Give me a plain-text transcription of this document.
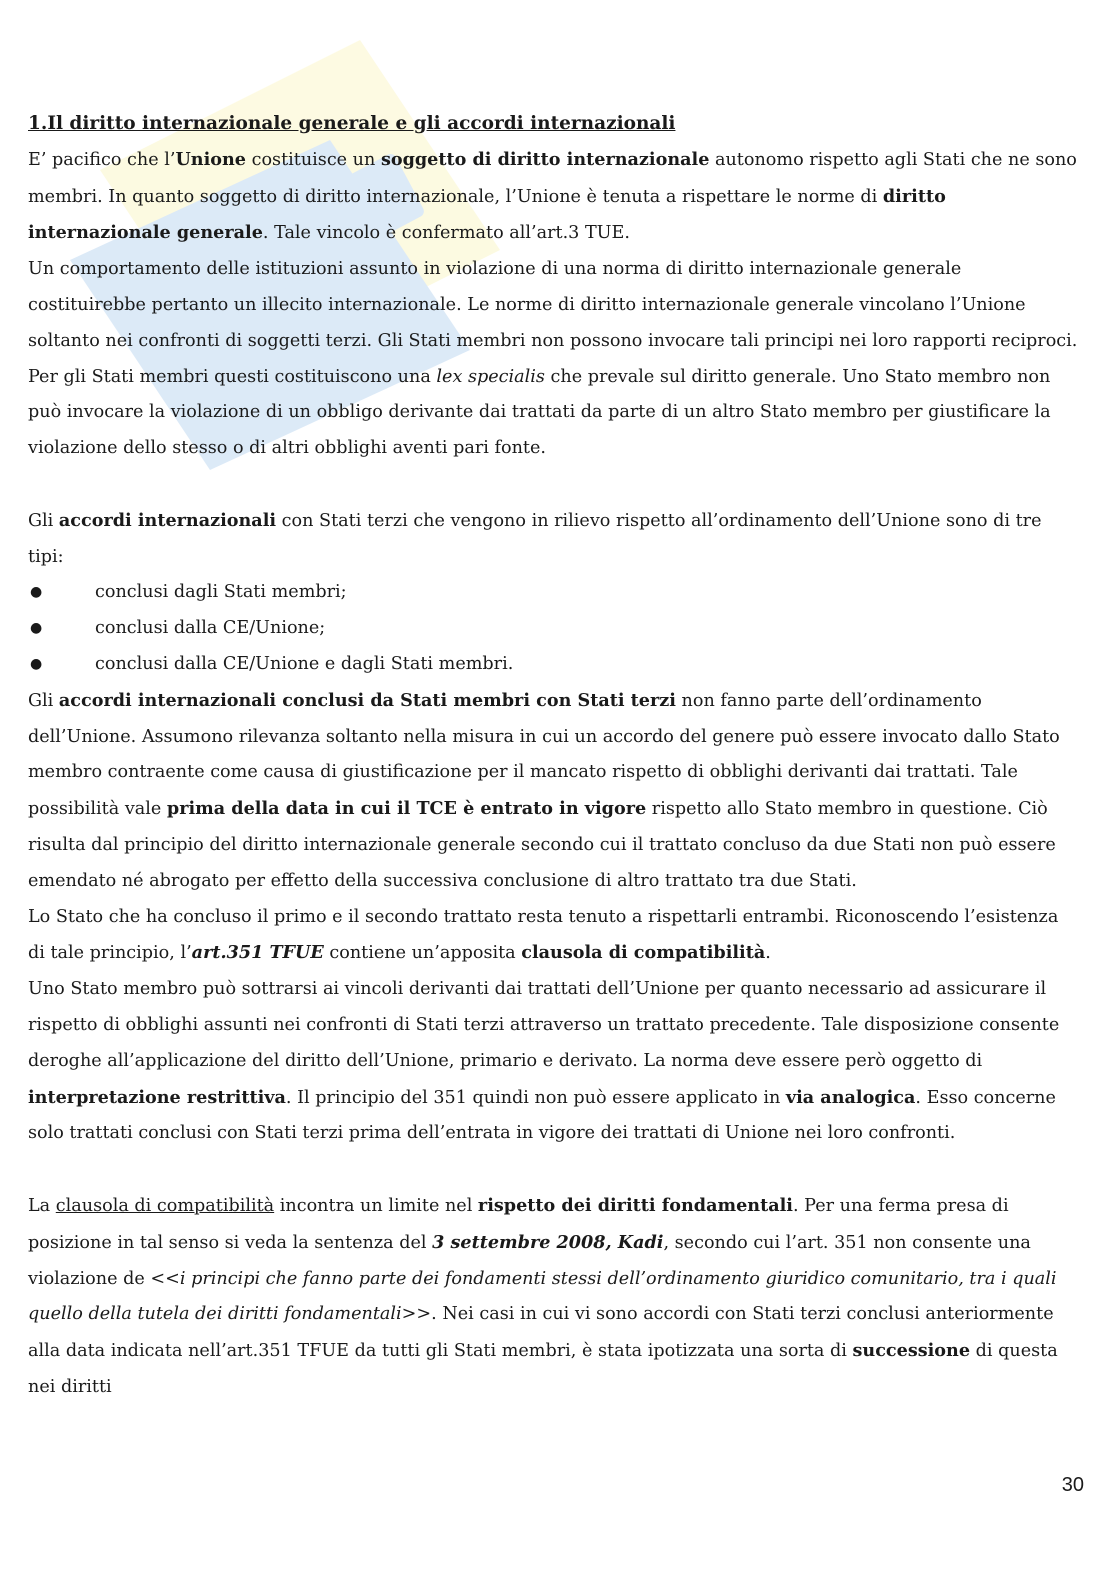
1.Il diritto internazionale generale e gli accordi internazionali

E’ pacifico che l’Unione costituisce un soggetto di diritto internazionale autonomo rispetto agli Stati che ne sono membri. In quanto soggetto di diritto internazionale, l’Unione è tenuta a rispettare le norme di diritto internazionale generale. Tale vincolo è confermato all’art.3 TUE.

Un comportamento delle istituzioni assunto in violazione di una norma di diritto internazionale generale costituirebbe pertanto un illecito internazionale. Le norme di diritto internazionale generale vincolano l’Unione soltanto nei confronti di soggetti terzi. Gli Stati membri non possono invocare tali principi nei loro rapporti reciproci.

Per gli Stati membri questi costituiscono una lex specialis che prevale sul diritto generale. Uno Stato membro non può invocare la violazione di un obbligo derivante dai trattati da parte di un altro Stato membro per giustificare la violazione dello stesso o di altri obblighi aventi pari fonte.

Gli accordi internazionali con Stati terzi che vengono in rilievo rispetto all’ordinamento dell’Unione sono di tre tipi:

●	conclusi dagli Stati membri;
●	conclusi dalla CE/Unione;
●	conclusi dalla CE/Unione e dagli Stati membri.

Gli accordi internazionali conclusi da Stati membri con Stati terzi non fanno parte dell’ordinamento dell’Unione. Assumono rilevanza soltanto nella misura in cui un accordo del genere può essere invocato dallo Stato membro contraente come causa di giustificazione per il mancato rispetto di obblighi derivanti dai trattati. Tale possibilità vale prima della data in cui il TCE è entrato in vigore rispetto allo Stato membro in questione. Ciò risulta dal principio del diritto internazionale generale secondo cui il trattato concluso da due Stati non può essere emendato né abrogato per effetto della successiva conclusione di altro trattato tra due Stati.

Lo Stato che ha concluso il primo e il secondo trattato resta tenuto a rispettarli entrambi. Riconoscendo l’esistenza di tale principio, l’art.351 TFUE contiene un’apposita clausola di compatibilità.

Uno Stato membro può sottrarsi ai vincoli derivanti dai trattati dell’Unione per quanto necessario ad assicurare il rispetto di obblighi assunti nei confronti di Stati terzi attraverso un trattato precedente. Tale disposizione consente deroghe all’applicazione del diritto dell’Unione, primario e derivato. La norma deve essere però oggetto di interpretazione restrittiva. Il principio del 351 quindi non può essere applicato in via analogica. Esso concerne solo trattati conclusi con Stati terzi prima dell’entrata in vigore dei trattati di Unione nei loro confronti.

La clausola di compatibilità incontra un limite nel rispetto dei diritti fondamentali. Per una ferma presa di posizione in tal senso si veda la sentenza del 3 settembre 2008, Kadi, secondo cui l’art. 351 non consente una violazione de <<i principi che fanno parte dei fondamenti stessi dell’ordinamento giuridico comunitario, tra i quali quello della tutela dei diritti fondamentali>>. Nei casi in cui vi sono accordi con Stati terzi conclusi anteriormente alla data indicata nell’art.351 TFUE da tutti gli Stati membri, è stata ipotizzata una sorta di successione di questa nei diritti

30
